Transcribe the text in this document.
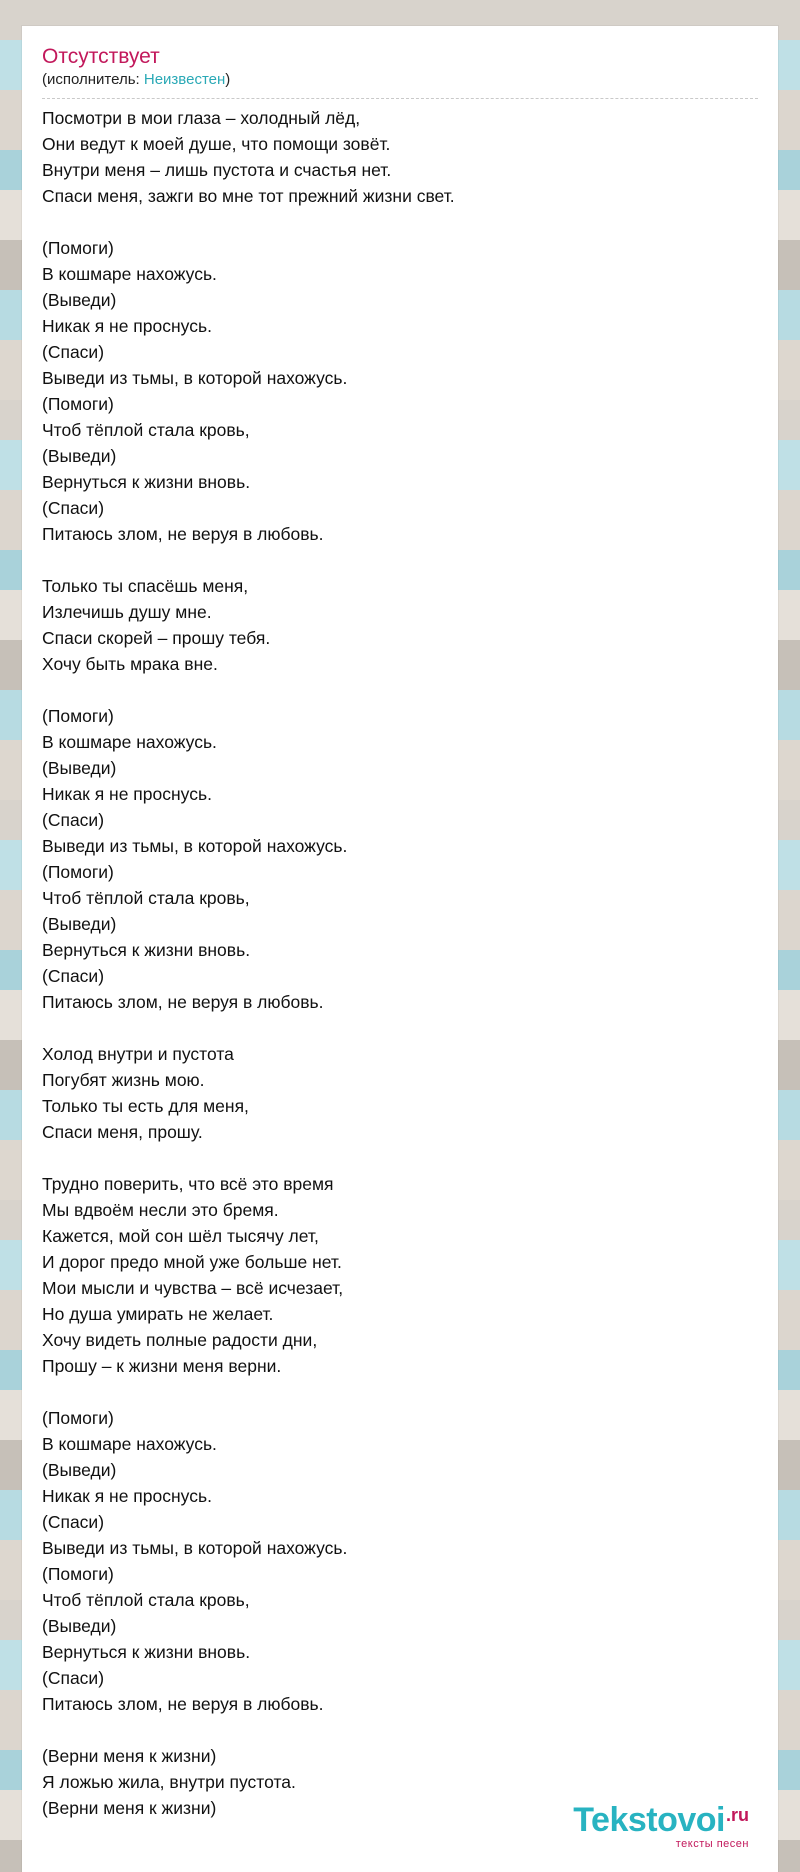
Отсутствует
(исполнитель: Неизвестен)
Посмотри в мои глаза – холодный лёд,
Они ведут к моей душе, что помощи зовёт.
Внутри меня – лишь пустота и счастья нет.
Спаси меня, зажги во мне тот прежний жизни свет.
(Помоги)
В кошмаре нахожусь.
(Выведи)
Никак я не проснусь.
(Спаси)
Выведи из тьмы, в которой нахожусь.
(Помоги)
Чтоб тёплой стала кровь,
(Выведи)
Вернуться к жизни вновь.
(Спаси)
Питаюсь злом, не веруя в любовь.
Только ты спасёшь меня,
Излечишь душу мне.
Спаси скорей – прошу тебя.
Хочу быть мрака вне.
(Помоги)
В кошмаре нахожусь.
(Выведи)
Никак я не проснусь.
(Спаси)
Выведи из тьмы, в которой нахожусь.
(Помоги)
Чтоб тёплой стала кровь,
(Выведи)
Вернуться к жизни вновь.
(Спаси)
Питаюсь злом, не веруя в любовь.
Холод внутри и пустота
Погубят жизнь мою.
Только ты есть для меня,
Спаси меня, прошу.
Трудно поверить, что всё это время
Мы вдвоём несли это бремя.
Кажется, мой сон шёл тысячу лет,
И дорог предо мной уже больше нет.
Мои мысли и чувства – всё исчезает,
Но душа умирать не желает.
Хочу видеть полные радости дни,
Прошу – к жизни меня верни.
(Помоги)
В кошмаре нахожусь.
(Выведи)
Никак я не проснусь.
(Спаси)
Выведи из тьмы, в которой нахожусь.
(Помоги)
Чтоб тёплой стала кровь,
(Выведи)
Вернуться к жизни вновь.
(Спаси)
Питаюсь злом, не веруя в любовь.
(Верни меня к жизни)
Я ложью жила, внутри пустота.
(Верни меня к жизни)	Tekstovoi.ru
тексты песен
